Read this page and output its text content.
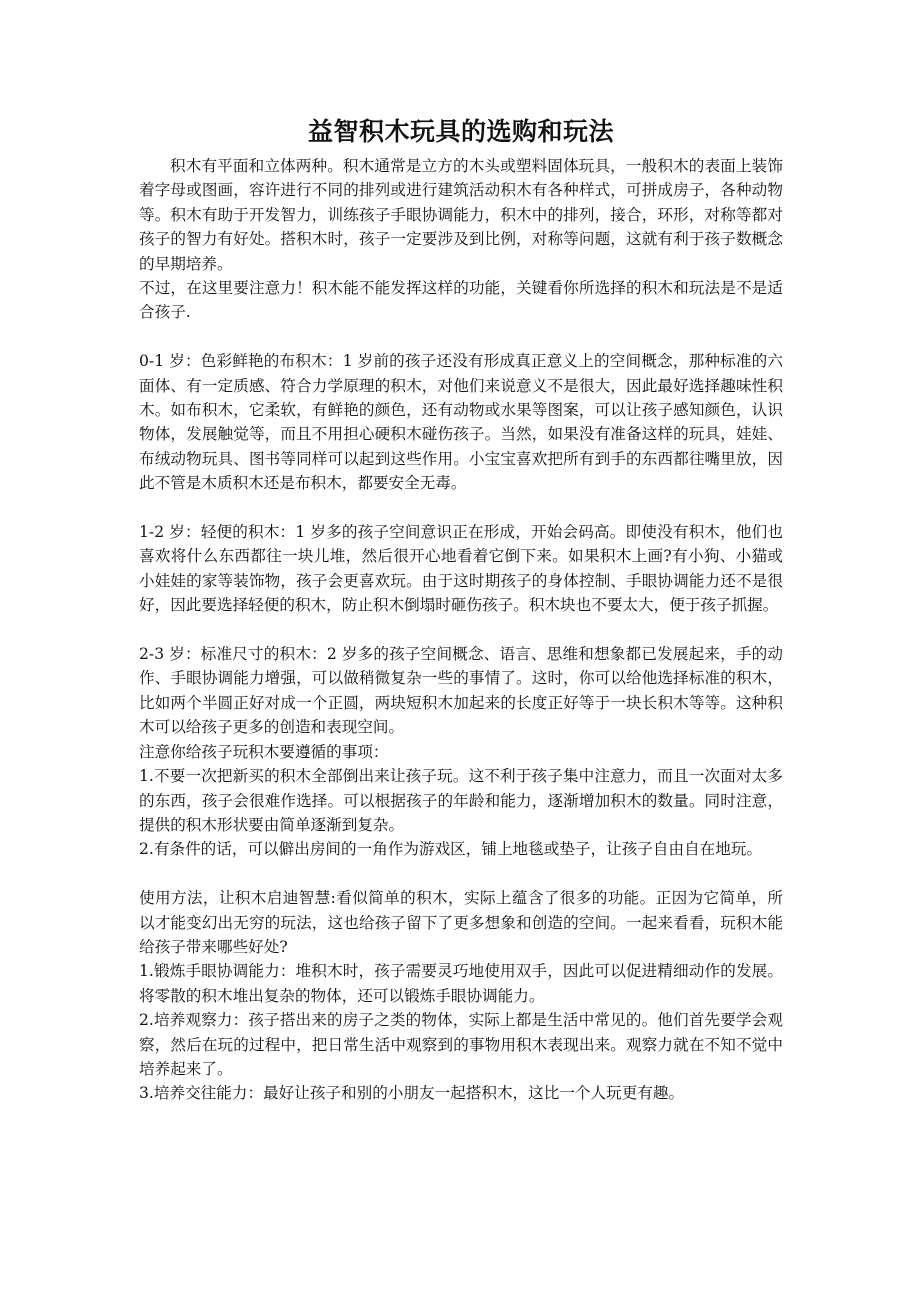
益智积木玩具的选购和玩法

积木有平面和立体两种。积木通常是立方的木头或塑料固体玩具，一般积木的表面上装饰着字母或图画，容许进行不同的排列或进行建筑活动积木有各种样式，可拼成房子，各种动物等。积木有助于开发智力，训练孩子手眼协调能力，积木中的排列，接合，环形，对称等都对孩子的智力有好处。搭积木时，孩子一定要涉及到比例，对称等问题，这就有利于孩子数概念的早期培养。

不过，在这里要注意力！积木能不能发挥这样的功能，关键看你所选择的积木和玩法是不是适合孩子.

0-1 岁：色彩鲜艳的布积木：1 岁前的孩子还没有形成真正意义上的空间概念，那种标准的六面体、有一定质感、符合力学原理的积木，对他们来说意义不是很大，因此最好选择趣味性积木。如布积木，它柔软，有鲜艳的颜色，还有动物或水果等图案，可以让孩子感知颜色，认识物体，发展触觉等，而且不用担心硬积木碰伤孩子。当然，如果没有准备这样的玩具，娃娃、布绒动物玩具、图书等同样可以起到这些作用。小宝宝喜欢把所有到手的东西都往嘴里放，因此不管是木质积木还是布积木，都要安全无毒。

1-2 岁：轻便的积木：1 岁多的孩子空间意识正在形成，开始会码高。即使没有积木，他们也喜欢将什么东西都往一块儿堆，然后很开心地看着它倒下来。如果积木上画?有小狗、小猫或小娃娃的家等装饰物，孩子会更喜欢玩。由于这时期孩子的身体控制、手眼协调能力还不是很好，因此要选择轻便的积木，防止积木倒塌时砸伤孩子。积木块也不要太大，便于孩子抓握。

2-3 岁：标准尺寸的积木：2 岁多的孩子空间概念、语言、思维和想象都已发展起来，手的动作、手眼协调能力增强，可以做稍微复杂一些的事情了。这时，你可以给他选择标准的积木，比如两个半圆正好对成一个正圆，两块短积木加起来的长度正好等于一块长积木等等。这种积木可以给孩子更多的创造和表现空间。

注意你给孩子玩积木要遵循的事项：

1.不要一次把新买的积木全部倒出来让孩子玩。这不利于孩子集中注意力，而且一次面对太多的东西，孩子会很难作选择。可以根据孩子的年龄和能力，逐渐增加积木的数量。同时注意，提供的积木形状要由简单逐渐到复杂。

2.有条件的话，可以僻出房间的一角作为游戏区，铺上地毯或垫子，让孩子自由自在地玩。

使用方法，让积木启迪智慧:看似简单的积木，实际上蕴含了很多的功能。正因为它简单，所以才能变幻出无穷的玩法，这也给孩子留下了更多想象和创造的空间。一起来看看，玩积木能给孩子带来哪些好处?

1.锻炼手眼协调能力：堆积木时，孩子需要灵巧地使用双手，因此可以促进精细动作的发展。将零散的积木堆出复杂的物体，还可以锻炼手眼协调能力。

2.培养观察力：孩子搭出来的房子之类的物体，实际上都是生活中常见的。他们首先要学会观察，然后在玩的过程中，把日常生活中观察到的事物用积木表现出来。观察力就在不知不觉中培养起来了。

3.培养交往能力：最好让孩子和别的小朋友一起搭积木，这比一个人玩更有趣。
